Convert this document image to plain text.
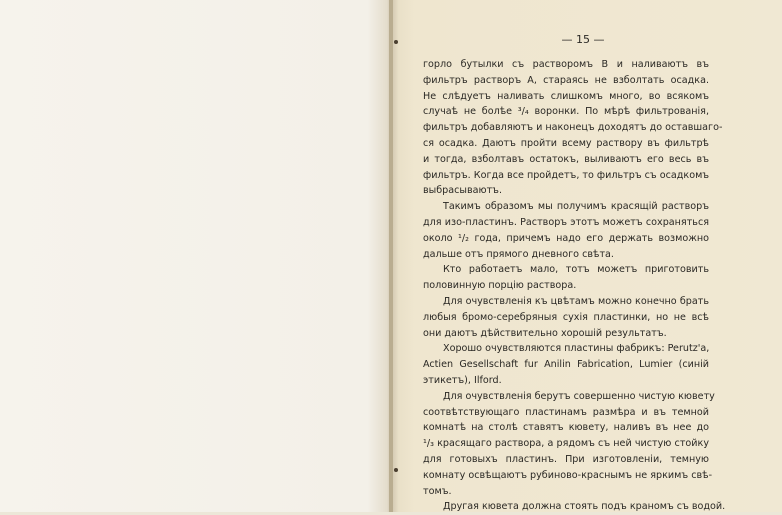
— 15 —
горло бутылки съ растворомъ B и наливаютъ въ
фильтръ растворъ A, стараясь не взболтать осадка.
Не слѣдуетъ наливать слишкомъ много, во всякомъ
случаѣ не болѣе ³/₄ воронки. По мѣрѣ фильтрованія,
фильтръ добавляютъ и наконецъ доходятъ до оставшаго-
ся осадка. Даютъ пройти всему раствору въ фильтрѣ
и тогда, взболтавъ остатокъ, выливаютъ его весь въ
фильтръ. Когда все пройдетъ, то фильтръ съ осадкомъ
выбрасываютъ.
Такимъ образомъ мы получимъ красящій растворъ
для изо-пластинъ. Растворъ этотъ можетъ сохраняться
около ¹/₂ года, причемъ надо его держать возможно
дальше отъ прямого дневного свѣта.
Кто работаетъ мало, тотъ можетъ приготовить
половинную порцію раствора.
Для очувствленія къ цвѣтамъ можно конечно брать
любыя бромо-серебряныя сухія пластинки, но не всѣ
они даютъ дѣйствительно хорошій результатъ.
Хорошо очувствляются пластины фабрикъ: Perutz'а,
Actien Gesellschaft fur Anilin Fabrication, Lumier (синій
этикетъ), Ilford.
Для очувствленія берутъ совершенно чистую кювету
соотвѣтствующаго пластинамъ размѣра и въ темной
комнатѣ на столѣ ставятъ кювету, наливъ въ нее до
¹/₃ красящаго раствора, а рядомъ съ ней чистую стойку
для готовыхъ пластинъ. При изготовленіи, темную
комнату освѣщаютъ рубиново-краснымъ не яркимъ свѣ-
томъ.
Другая кювета должна стоять подъ краномъ съ водой.
